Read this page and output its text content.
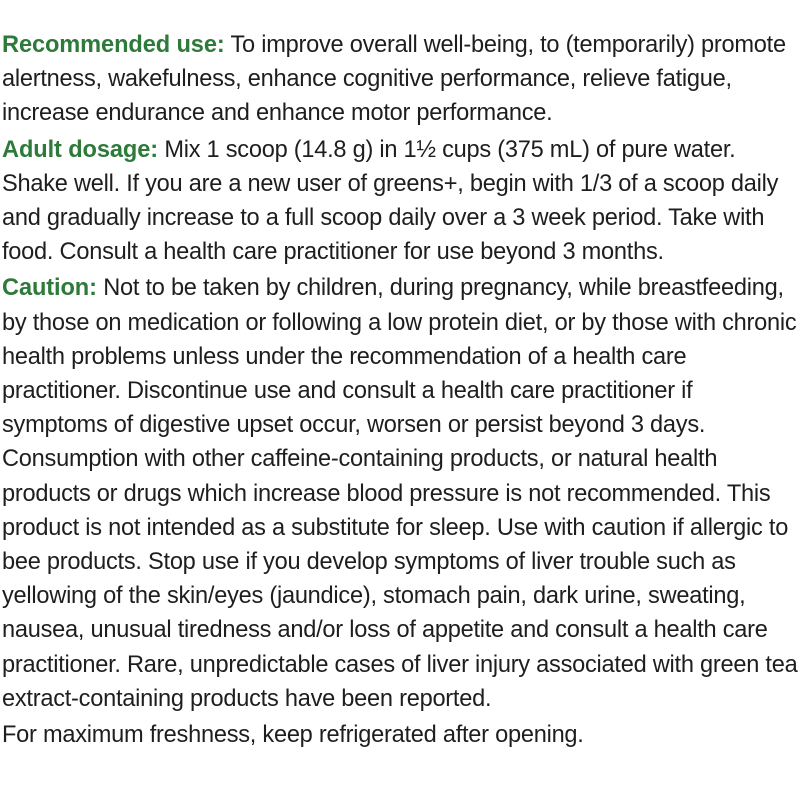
Recommended use: To improve overall well-being, to (temporarily) promote alertness, wakefulness, enhance cognitive performance, relieve fatigue, increase endurance and enhance motor performance.

Adult dosage: Mix 1 scoop (14.8 g) in 1½ cups (375 mL) of pure water. Shake well. If you are a new user of greens+, begin with 1/3 of a scoop daily and gradually increase to a full scoop daily over a 3 week period. Take with food. Consult a health care practitioner for use beyond 3 months.

Caution: Not to be taken by children, during pregnancy, while breastfeeding, by those on medication or following a low protein diet, or by those with chronic health problems unless under the recommendation of a health care practitioner. Discontinue use and consult a health care practitioner if symptoms of digestive upset occur, worsen or persist beyond 3 days. Consumption with other caffeine-containing products, or natural health products or drugs which increase blood pressure is not recommended. This product is not intended as a substitute for sleep. Use with caution if allergic to bee products. Stop use if you develop symptoms of liver trouble such as yellowing of the skin/eyes (jaundice), stomach pain, dark urine, sweating, nausea, unusual tiredness and/or loss of appetite and consult a health care practitioner. Rare, unpredictable cases of liver injury associated with green tea extract-containing products have been reported.

For maximum freshness, keep refrigerated after opening.
